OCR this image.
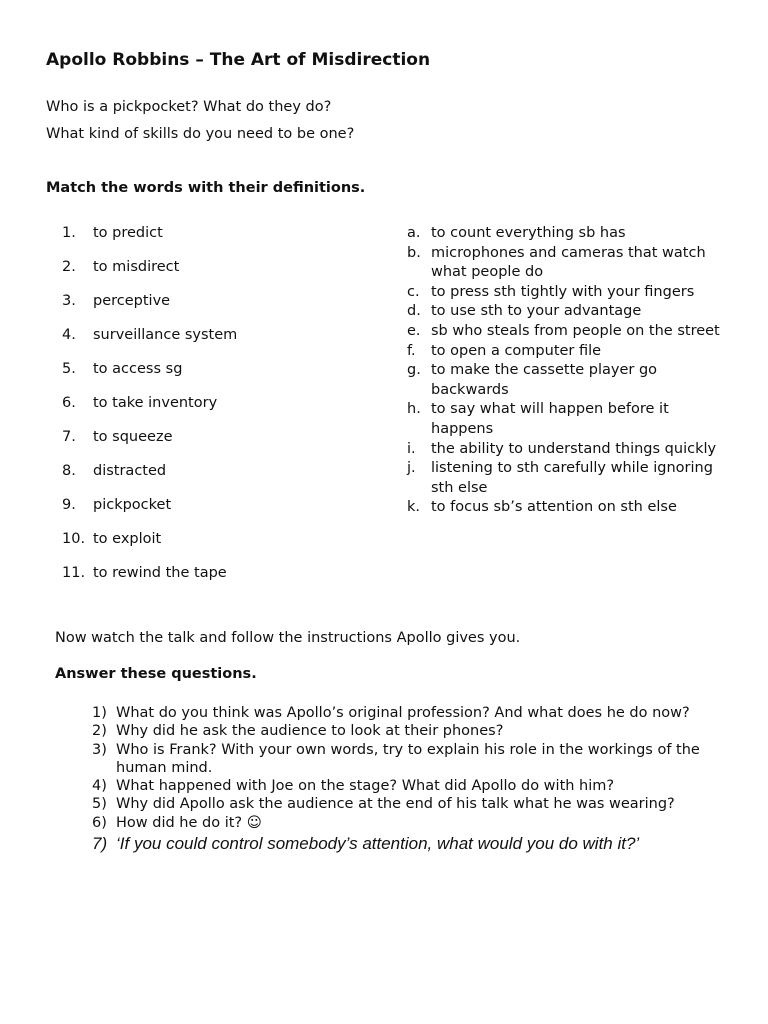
Apollo Robbins – The Art of Misdirection
Who is a pickpocket? What do they do?
What kind of skills do you need to be one?
Match the words with their definitions.
1.	to predict
2.	to misdirect
3.	perceptive
4.	surveillance system
5.	to access sg
6.	to take inventory
7.	to squeeze
8.	distracted
9.	pickpocket
10. to exploit
11. to rewind the tape
a. to count everything sb has
b. microphones and cameras that watch what people do
c. to press sth tightly with your fingers
d. to use sth to your advantage
e. sb who steals from people on the street
f.	to open a computer file
g. to make the cassette player go backwards
h. to say what will happen before it happens
i.	the ability to understand things quickly
j.	listening to sth carefully while ignoring sth else
k. to focus sb’s attention on sth else
Now watch the talk and follow the instructions Apollo gives you.
Answer these questions.
1) What do you think was Apollo’s original profession? And what does he do now?
2) Why did he ask the audience to look at their phones?
3) Who is Frank? With your own words, try to explain his role in the workings of the human mind.
4) What happened with Joe on the stage? What did Apollo do with him?
5) Why did Apollo ask the audience at the end of his talk what he was wearing?
6) How did he do it? ☺
7) ‘If you could control somebody’s attention, what would you do with it?’
